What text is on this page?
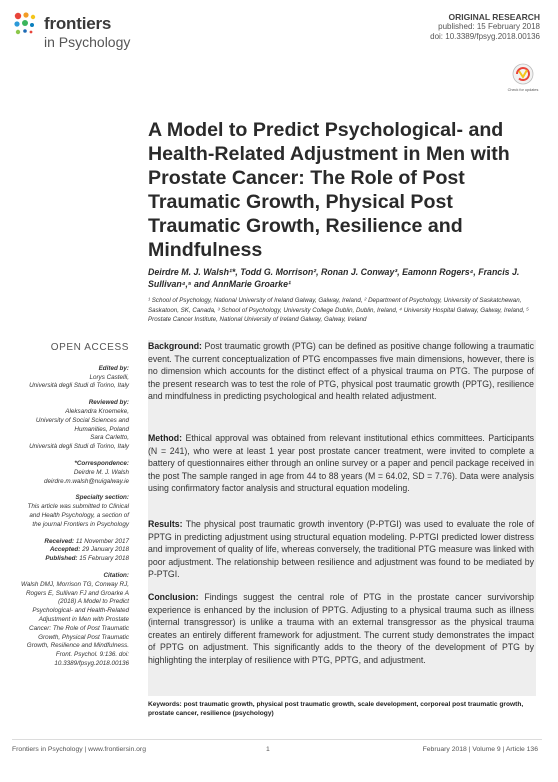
frontiers
in Psychology
ORIGINAL RESEARCH
published: 15 February 2018
doi: 10.3389/fpsyg.2018.00136
Check for updates
A Model to Predict Psychological- and Health-Related Adjustment in Men with Prostate Cancer: The Role of Post Traumatic Growth, Physical Post Traumatic Growth, Resilience and Mindfulness
Deirdre M. J. Walsh¹*, Todd G. Morrison², Ronan J. Conway³, Eamonn Rogers⁴, Francis J. Sullivan⁴,⁵ and AnnMarie Groarke¹
¹ School of Psychology, National University of Ireland Galway, Galway, Ireland, ² Department of Psychology, University of Saskatchewan, Saskatoon, SK, Canada, ³ School of Psychology, University College Dublin, Dublin, Ireland, ⁴ University Hospital Galway, Galway, Ireland, ⁵ Prostate Cancer Institute, National University of Ireland Galway, Galway, Ireland
OPEN ACCESS
Edited by:
Lorys Castelli,
Università degli Studi di Torino, Italy
Reviewed by:
Aleksandra Kroemeke,
University of Social Sciences and Humanities, Poland
Sara Carletto,
Università degli Studi di Torino, Italy
*Correspondence:
Deirdre M. J. Walsh
deirdre.m.walsh@nuigalway.ie
Specialty section:
This article was submitted to Clinical and Health Psychology, a section of the journal Frontiers in Psychology
Received: 11 November 2017
Accepted: 29 January 2018
Published: 15 February 2018
Citation:
Walsh DMJ, Morrison TG, Conway RJ, Rogers E, Sullivan FJ and Groarke A (2018) A Model to Predict Psychological- and Health-Related Adjustment in Men with Prostate Cancer: The Role of Post Traumatic Growth, Physical Post Traumatic Growth, Resilience and Mindfulness. Front. Psychol. 9:136. doi: 10.3389/fpsyg.2018.00136
Background: Post traumatic growth (PTG) can be defined as positive change following a traumatic event. The current conceptualization of PTG encompasses five main dimensions, however, there is no dimension which accounts for the distinct effect of a physical trauma on PTG. The purpose of the present research was to test the role of PTG, physical post traumatic growth (PPTG), resilience and mindfulness in predicting psychological and health related adjustment.
Method: Ethical approval was obtained from relevant institutional ethics committees. Participants (N = 241), who were at least 1 year post prostate cancer treatment, were invited to complete a battery of questionnaires either through an online survey or a paper and pencil package received in the post The sample ranged in age from 44 to 88 years (M = 64.02, SD = 7.76). Data were analysis using confirmatory factor analysis and structural equation modeling.
Results: The physical post traumatic growth inventory (P-PTGI) was used to evaluate the role of PPTG in predicting adjustment using structural equation modeling. P-PTGI predicted lower distress and improvement of quality of life, whereas conversely, the traditional PTG measure was linked with poor adjustment. The relationship between resilience and adjustment was found to be mediated by P-PTGI.
Conclusion: Findings suggest the central role of PTG in the prostate cancer survivorship experience is enhanced by the inclusion of PPTG. Adjusting to a physical trauma such as illness (internal transgressor) is unlike a trauma with an external transgressor as the physical trauma creates an entirely different framework for adjustment. The current study demonstrates the impact of PPTG on adjustment. This significantly adds to the theory of the development of PTG by highlighting the interplay of resilience with PTG, PPTG, and adjustment.
Keywords: post traumatic growth, physical post traumatic growth, scale development, corporeal post traumatic growth, prostate cancer, resilience (psychology)
Frontiers in Psychology | www.frontiersin.org	1	February 2018 | Volume 9 | Article 136
